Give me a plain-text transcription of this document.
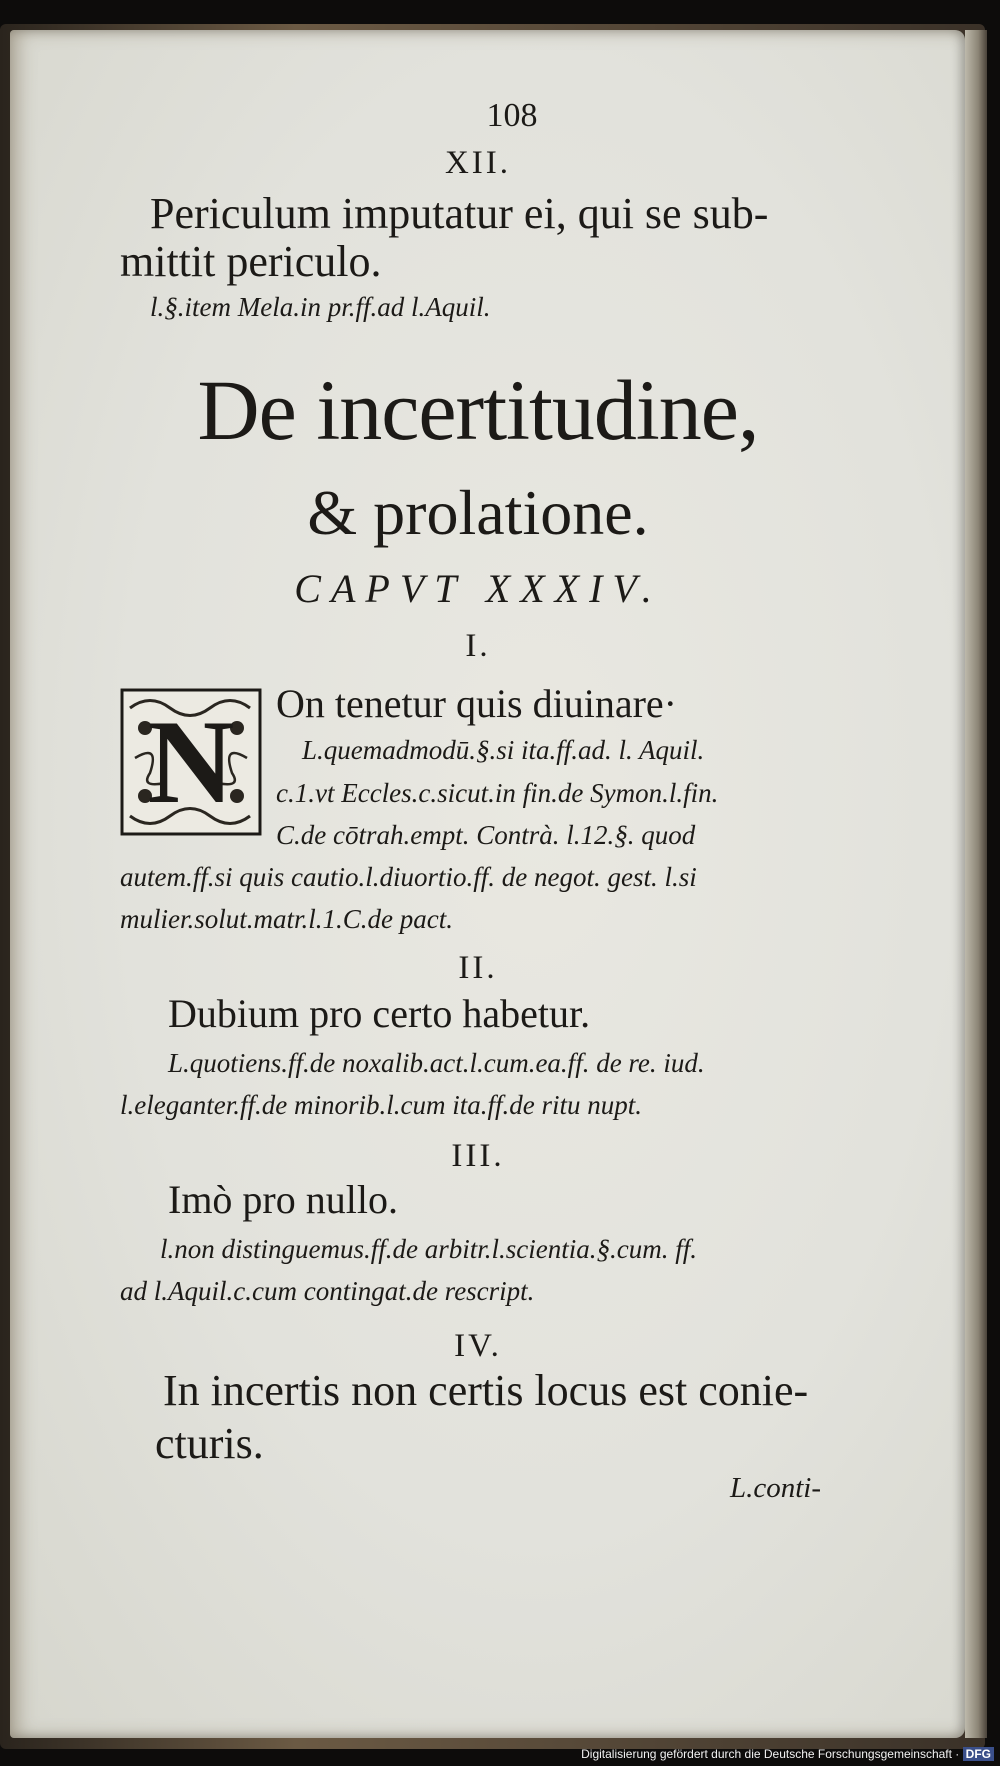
108
XII.
Periculum imputatur ei, qui se sub-
mittit periculo.
l.§.item Mela.in pr.ff.ad l.Aquil.
De incertitudine,
& prolatione.
CAPVT XXXIV.
I.
N	On tenetur quis diuinare·
L.quemadmodū.§.si ita.ff.ad. l. Aquil.
c.1.vt Eccles.c.sicut.in fin.de Symon.l.fin.
C.de cōtrah.empt. Contrà. l.12.§. quod
autem.ff.si quis cautio.l.diuortio.ff. de negot. gest. l.si
mulier.solut.matr.l.1.C.de pact.
II.
Dubium pro certo habetur.
L.quotiens.ff.de noxalib.act.l.cum.ea.ff. de re. iud.
l.eleganter.ff.de minorib.l.cum ita.ff.de ritu nupt.
III.
Imò pro nullo.
l.non distinguemus.ff.de arbitr.l.scientia.§.cum. ff.
ad l.Aquil.c.cum contingat.de rescript.
IV.
In incertis non certis locus est conie-
cturis.
L.conti-
Digitalisierung gefördert durch die Deutsche Forschungsgemeinschaft · DFG
